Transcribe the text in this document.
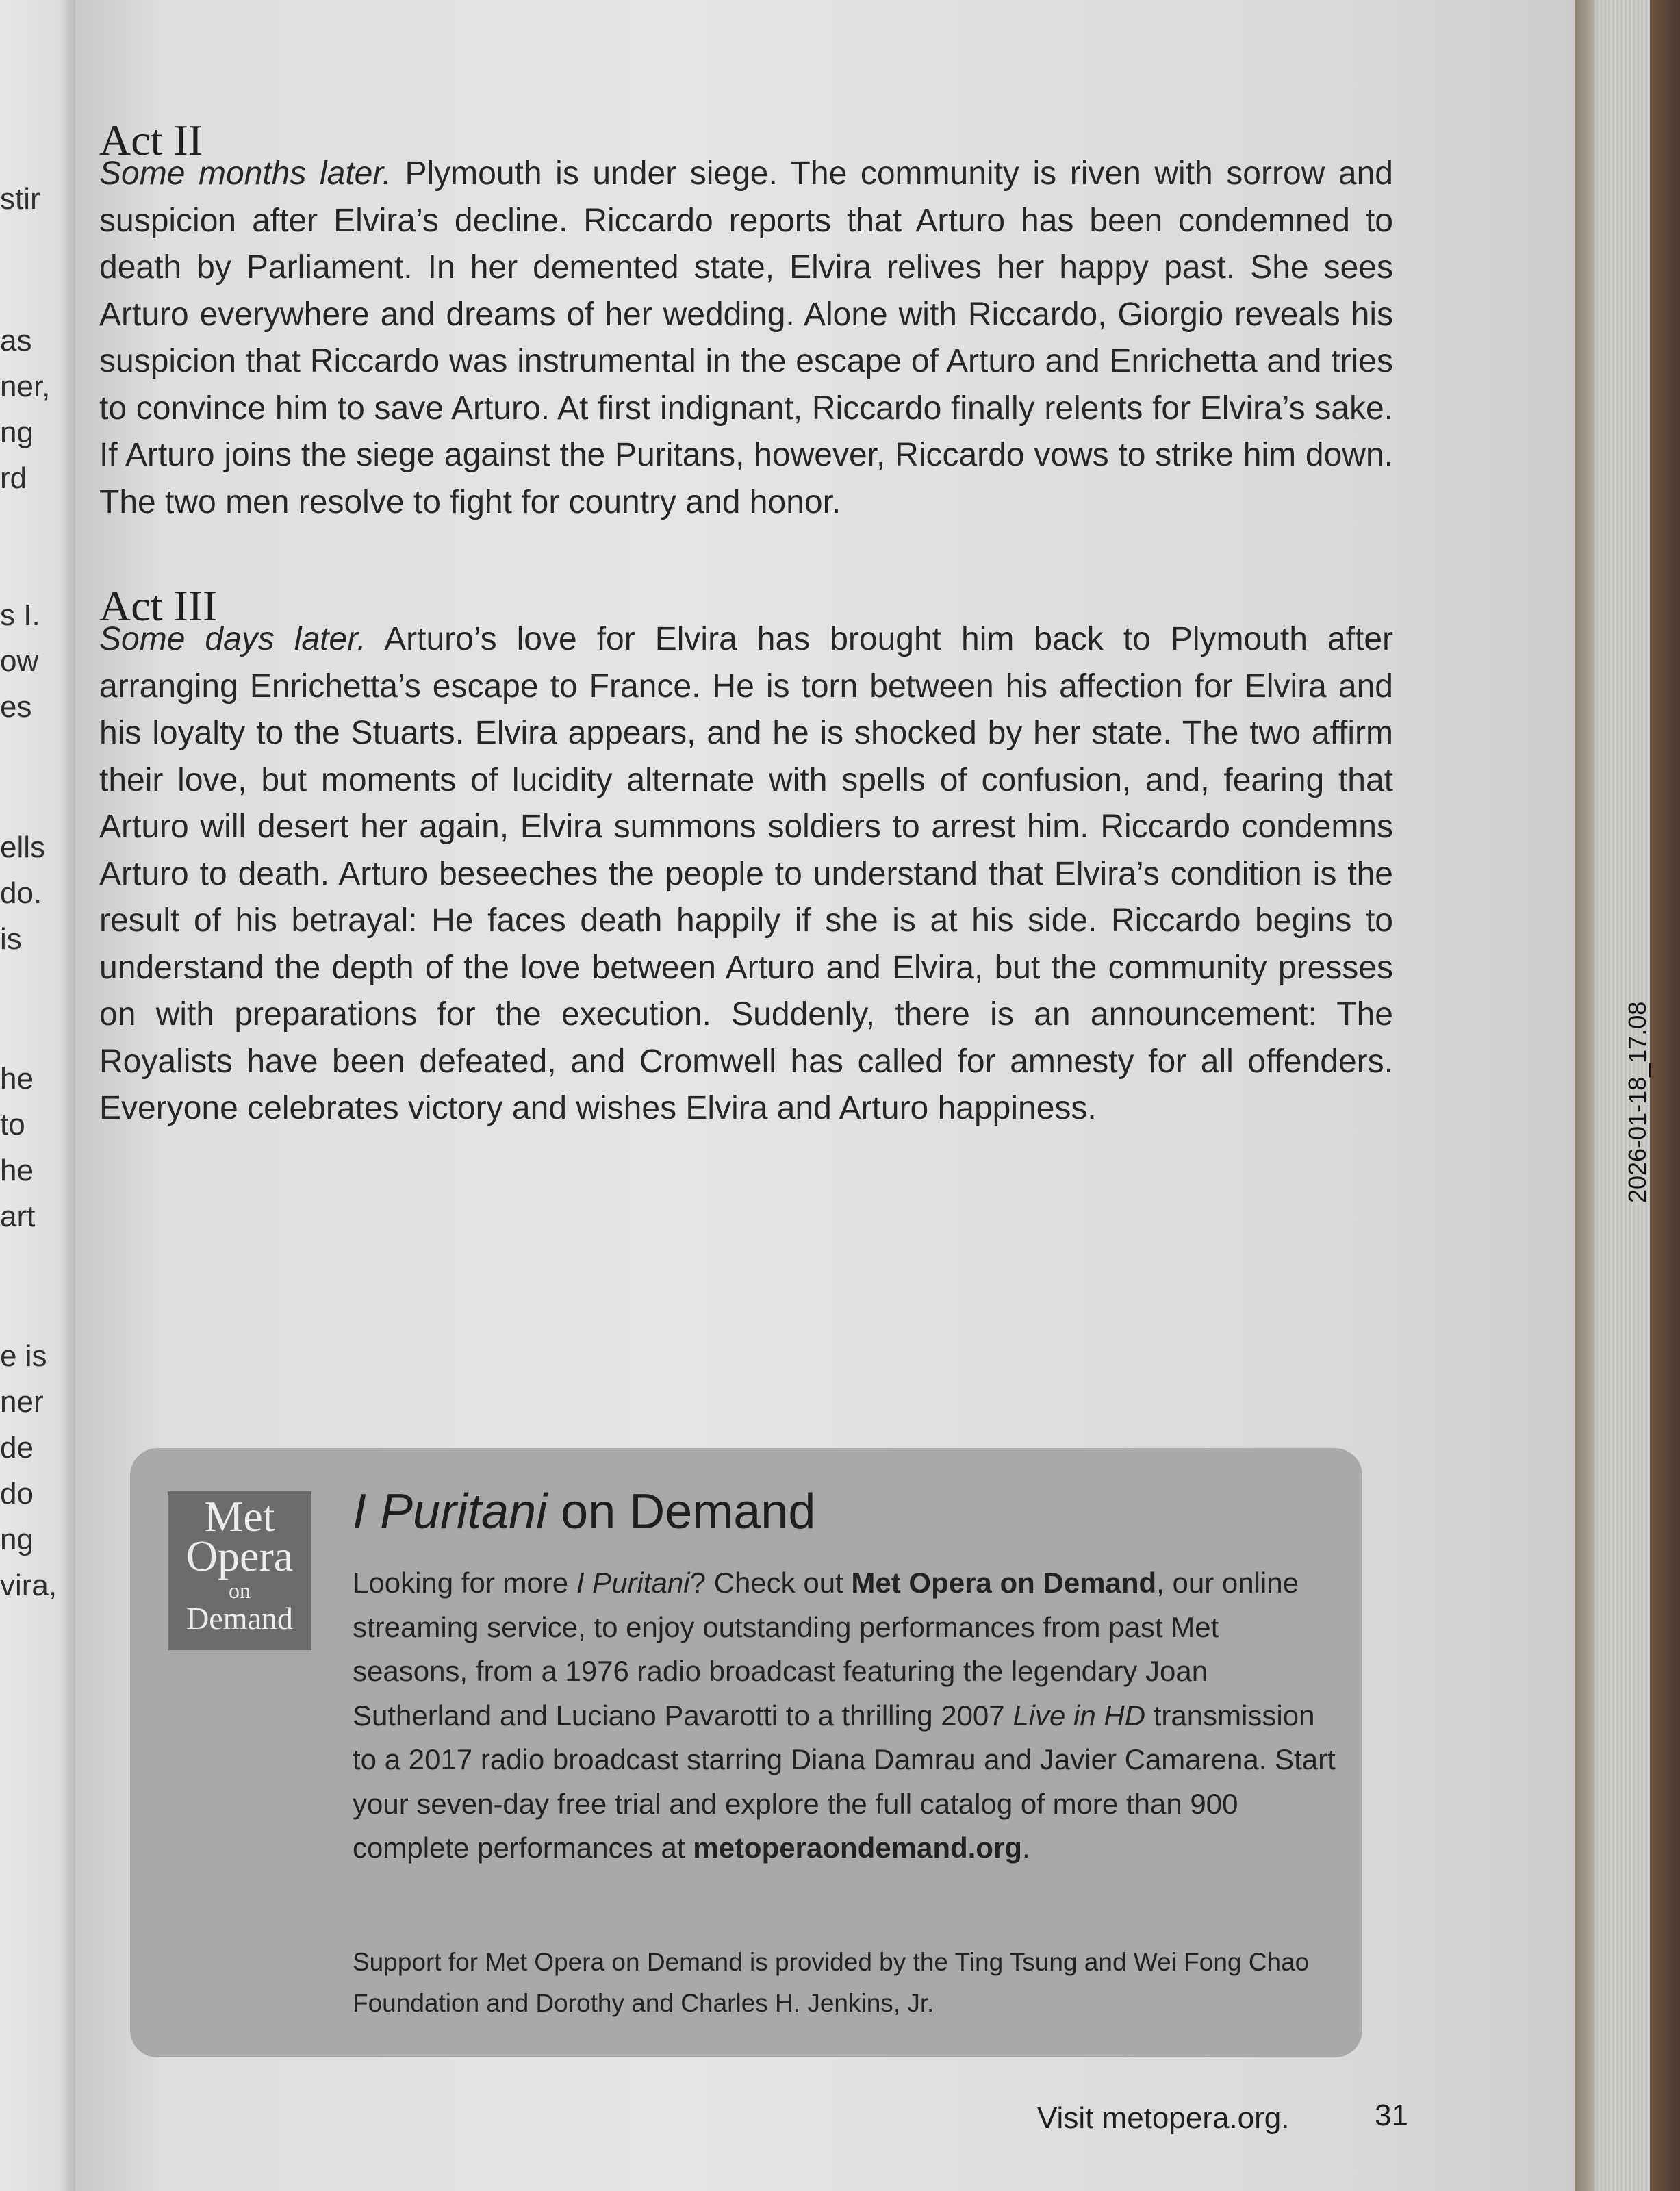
2026-01-18_17.08
stir
as
ner,
ng
rd
s I.
ow
es
ells
do.
is
he
to
he
art
e is
ner
de
do
ng
vira,
Act II

Some months later. Plymouth is under siege. The community is riven with sorrow and suspicion after Elvira’s decline. Riccardo reports that Arturo has been condemned to death by Parliament. In her demented state, Elvira relives her happy past. She sees Arturo everywhere and dreams of her wedding. Alone with Riccardo, Giorgio reveals his suspicion that Riccardo was instrumental in the escape of Arturo and Enrichetta and tries to convince him to save Arturo. At first indignant, Riccardo finally relents for Elvira’s sake. If Arturo joins the siege against the Puritans, however, Riccardo vows to strike him down. The two men resolve to fight for country and honor.

Act III

Some days later. Arturo’s love for Elvira has brought him back to Plymouth after arranging Enrichetta’s escape to France. He is torn between his affection for Elvira and his loyalty to the Stuarts. Elvira appears, and he is shocked by her state. The two affirm their love, but moments of lucidity alternate with spells of confusion, and, fearing that Arturo will desert her again, Elvira summons soldiers to arrest him. Riccardo condemns Arturo to death. Arturo beseeches the people to understand that Elvira’s condition is the result of his betrayal: He faces death happily if she is at his side. Riccardo begins to understand the depth of the love between Arturo and Elvira, but the community presses on with preparations for the execution. Suddenly, there is an announcement: The Royalists have been defeated, and Cromwell has called for amnesty for all offenders. Everyone celebrates victory and wishes Elvira and Arturo happiness.

Met
Opera
on
Demand
I Puritani on Demand

Looking for more I Puritani? Check out Met Opera on Demand, our online streaming service, to enjoy outstanding performances from past Met seasons, from a 1976 radio broadcast featuring the legendary Joan Sutherland and Luciano Pavarotti to a thrilling 2007 Live in HD transmission to a 2017 radio broadcast starring Diana Damrau and Javier Camarena. Start your seven-day free trial and explore the full catalog of more than 900 complete performances at metoperaondemand.org.

Support for Met Opera on Demand is provided by the Ting Tsung and Wei Fong Chao Foundation and Dorothy and Charles H. Jenkins, Jr.

Visit metopera.org.	31
